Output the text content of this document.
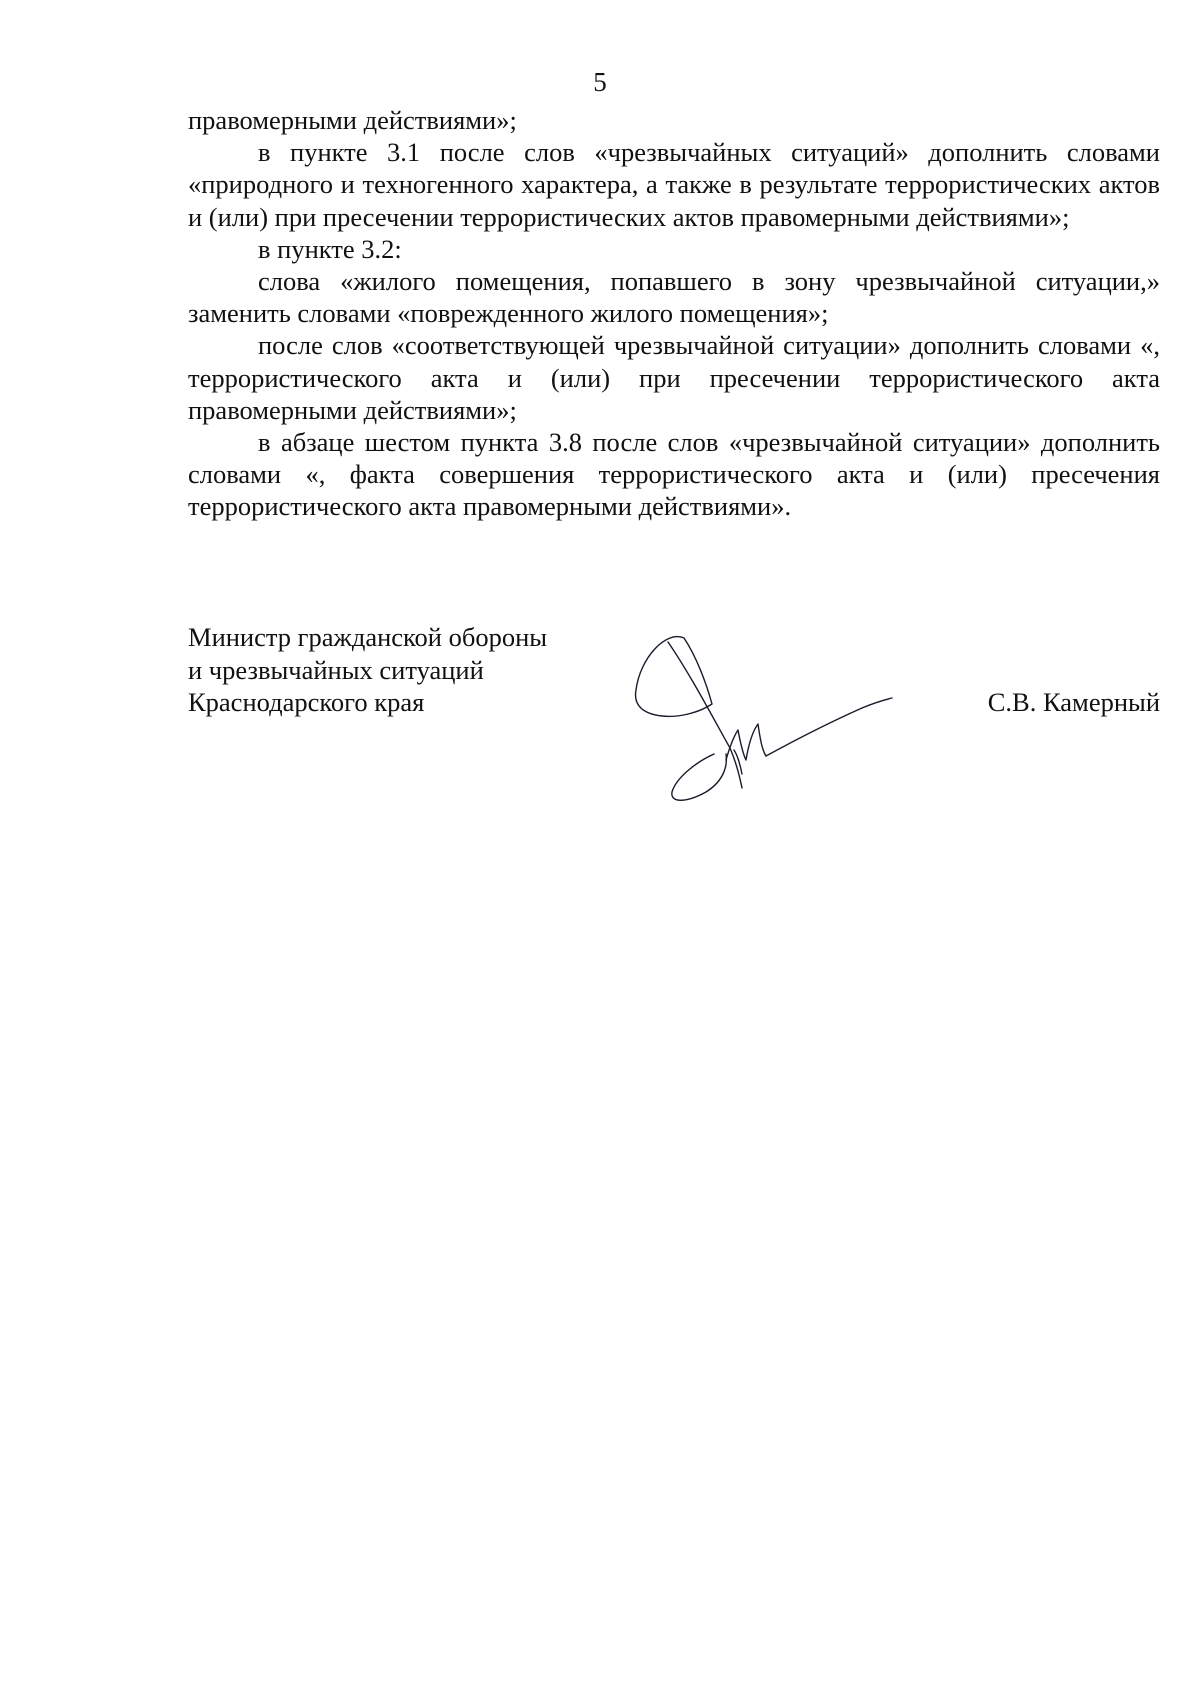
5

правомерными действиями»;

в пункте 3.1 после слов «чрезвычайных ситуаций» дополнить словами «природного и техногенного характера, а также в результате террористических актов и (или) при пресечении террористических актов правомерными действиями»;

в пункте 3.2:

слова «жилого помещения, попавшего в зону чрезвычайной ситуации,» заменить словами «поврежденного жилого помещения»;

после слов «соответствующей чрезвычайной ситуации» дополнить словами «, террористического акта и (или) при пресечении террористического акта правомерными действиями»;

в абзаце шестом пункта 3.8 после слов «чрезвычайной ситуации» дополнить словами «, факта совершения террористического акта и (или) пресечения террористического акта правомерными действиями».

Министр гражданской обороны
и чрезвычайных ситуаций
Краснодарского края	С.В. Камерный
